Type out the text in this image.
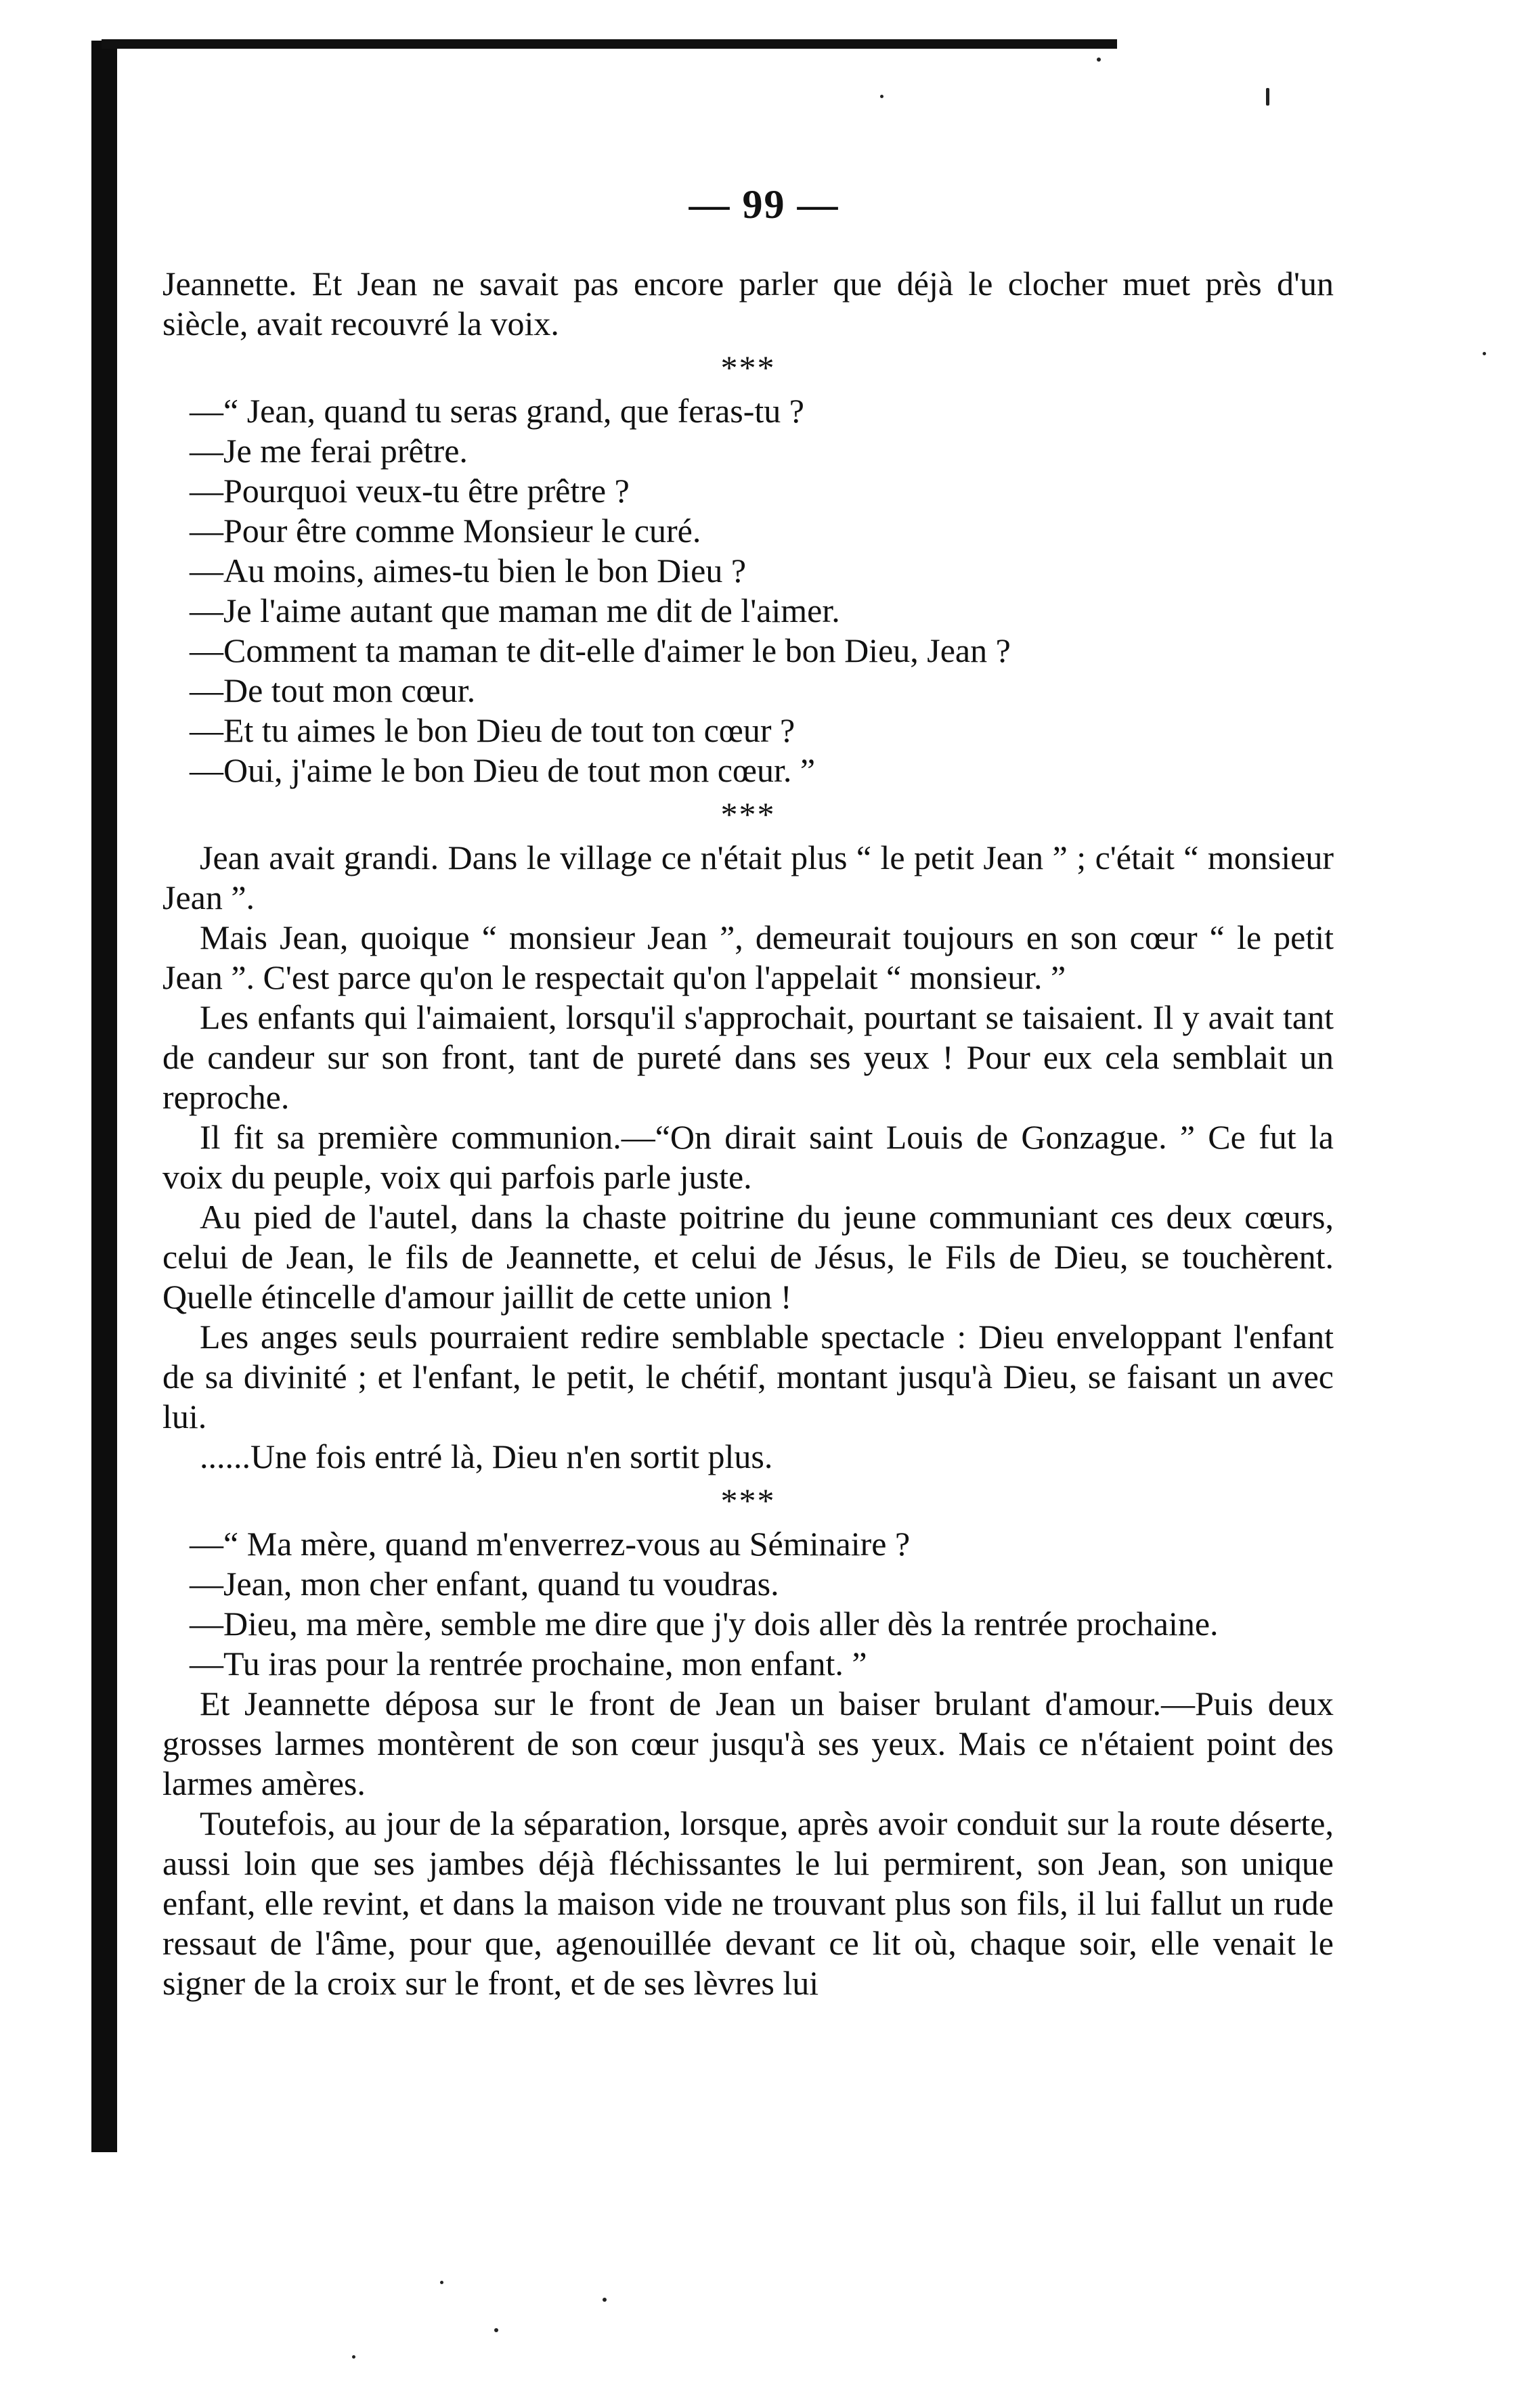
— 99 —

Jeannette. Et Jean ne savait pas encore parler que déjà le clocher muet près d'un siècle, avait recouvré la voix.

***

—“ Jean, quand tu seras grand, que feras-tu ?

—Je me ferai prêtre.

—Pourquoi veux-tu être prêtre ?

—Pour être comme Monsieur le curé.

—Au moins, aimes-tu bien le bon Dieu ?

—Je l'aime autant que maman me dit de l'aimer.

—Comment ta maman te dit-elle d'aimer le bon Dieu, Jean ?

—De tout mon cœur.

—Et tu aimes le bon Dieu de tout ton cœur ?

—Oui, j'aime le bon Dieu de tout mon cœur. ”

***

Jean avait grandi. Dans le village ce n'était plus “ le petit Jean ” ; c'était “ monsieur Jean ”.

Mais Jean, quoique “ monsieur Jean ”, demeurait toujours en son cœur “ le petit Jean ”. C'est parce qu'on le respectait qu'on l'appelait “ monsieur. ”

Les enfants qui l'aimaient, lorsqu'il s'approchait, pourtant se taisaient. Il y avait tant de candeur sur son front, tant de pureté dans ses yeux ! Pour eux cela semblait un reproche.

Il fit sa première communion.—“On dirait saint Louis de Gonzague. ” Ce fut la voix du peuple, voix qui parfois parle juste.

Au pied de l'autel, dans la chaste poitrine du jeune communiant ces deux cœurs, celui de Jean, le fils de Jeannette, et celui de Jésus, le Fils de Dieu, se touchèrent. Quelle étincelle d'amour jaillit de cette union !

Les anges seuls pourraient redire semblable spectacle : Dieu enveloppant l'enfant de sa divinité ; et l'enfant, le petit, le chétif, montant jusqu'à Dieu, se faisant un avec lui.

......Une fois entré là, Dieu n'en sortit plus.

***

—“ Ma mère, quand m'enverrez-vous au Séminaire ?

—Jean, mon cher enfant, quand tu voudras.

—Dieu, ma mère, semble me dire que j'y dois aller dès la rentrée prochaine.

—Tu iras pour la rentrée prochaine, mon enfant. ”

Et Jeannette déposa sur le front de Jean un baiser brulant d'amour.—Puis deux grosses larmes montèrent de son cœur jusqu'à ses yeux. Mais ce n'étaient point des larmes amères.

Toutefois, au jour de la séparation, lorsque, après avoir conduit sur la route déserte, aussi loin que ses jambes déjà fléchissantes le lui permirent, son Jean, son unique enfant, elle revint, et dans la maison vide ne trouvant plus son fils, il lui fallut un rude ressaut de l'âme, pour que, agenouillée devant ce lit où, chaque soir, elle venait le signer de la croix sur le front, et de ses lèvres lui
